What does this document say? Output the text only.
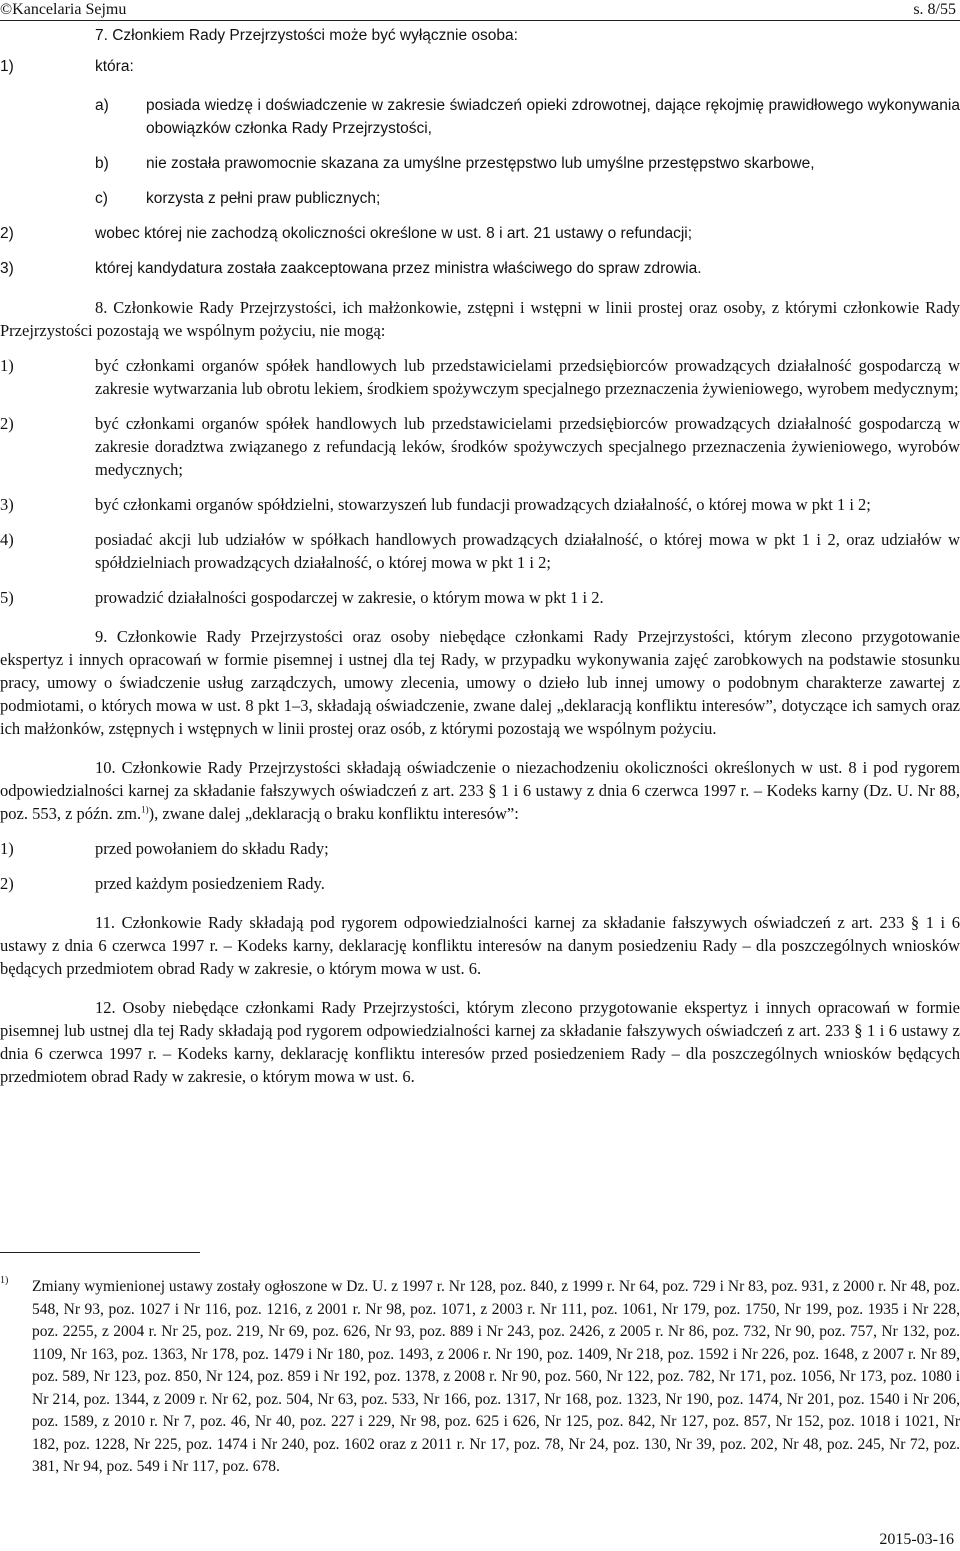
©Kancelaria Sejmu	s. 8/55

7. Członkiem Rady Przejrzystości może być wyłącznie osoba:

1)	która:
a) posiada wiedzę i doświadczenie w zakresie świadczeń opieki zdrowotnej, dające rękojmię prawidłowego wykonywania obowiązków członka Rady Przejrzystości,
b) nie została prawomocnie skazana za umyślne przestępstwo lub umyślne przestępstwo skarbowe,
c) korzysta z pełni praw publicznych;
2)	wobec której nie zachodzą okoliczności określone w ust. 8 i art. 21 ustawy o refundacji;
3)	której kandydatura została zaakceptowana przez ministra właściwego do spraw zdrowia.

8. Członkowie Rady Przejrzystości, ich małżonkowie, zstępni i wstępni w linii prostej oraz osoby, z którymi członkowie Rady Przejrzystości pozostają we wspólnym pożyciu, nie mogą:

1)	być członkami organów spółek handlowych lub przedstawicielami przedsiębiorców prowadzących działalność gospodarczą w zakresie wytwarzania lub obrotu lekiem, środkiem spożywczym specjalnego przeznaczenia żywieniowego, wyrobem medycznym;
2)	być członkami organów spółek handlowych lub przedstawicielami przedsiębiorców prowadzących działalność gospodarczą w zakresie doradztwa związanego z refundacją leków, środków spożywczych specjalnego przeznaczenia żywieniowego, wyrobów medycznych;
3)	być członkami organów spółdzielni, stowarzyszeń lub fundacji prowadzących działalność, o której mowa w pkt 1 i 2;
4)	posiadać akcji lub udziałów w spółkach handlowych prowadzących działalność, o której mowa w pkt 1 i 2, oraz udziałów w spółdzielniach prowadzących działalność, o której mowa w pkt 1 i 2;
5)	prowadzić działalności gospodarczej w zakresie, o którym mowa w pkt 1 i 2.

9. Członkowie Rady Przejrzystości oraz osoby niebędące członkami Rady Przejrzystości, którym zlecono przygotowanie ekspertyz i innych opracowań w formie pisemnej i ustnej dla tej Rady, w przypadku wykonywania zajęć zarobkowych na podstawie stosunku pracy, umowy o świadczenie usług zarządczych, umowy zlecenia, umowy o dzieło lub innej umowy o podobnym charakterze zawartej z podmiotami, o których mowa w ust. 8 pkt 1–3, składają oświadczenie, zwane dalej „deklaracją konfliktu interesów”, dotyczące ich samych oraz ich małżonków, zstępnych i wstępnych w linii prostej oraz osób, z którymi pozostają we wspólnym pożyciu.

10. Członkowie Rady Przejrzystości składają oświadczenie o niezachodzeniu okoliczności określonych w ust. 8 i pod rygorem odpowiedzialności karnej za składanie fałszywych oświadczeń z art. 233 § 1 i 6 ustawy z dnia 6 czerwca 1997 r. – Kodeks karny (Dz. U. Nr 88, poz. 553, z późn. zm.$^{1)}$), zwane dalej „deklaracją o braku konfliktu interesów”:

1)	przed powołaniem do składu Rady;
2)	przed każdym posiedzeniem Rady.

11. Członkowie Rady składają pod rygorem odpowiedzialności karnej za składanie fałszywych oświadczeń z art. 233 § 1 i 6 ustawy z dnia 6 czerwca 1997 r. – Kodeks karny, deklarację konfliktu interesów na danym posiedzeniu Rady – dla poszczególnych wniosków będących przedmiotem obrad Rady w zakresie, o którym mowa w ust. 6.

12. Osoby niebędące członkami Rady Przejrzystości, którym zlecono przygotowanie ekspertyz i innych opracowań w formie pisemnej lub ustnej dla tej Rady składają pod rygorem odpowiedzialności karnej za składanie fałszywych oświadczeń z art. 233 § 1 i 6 ustawy z dnia 6 czerwca 1997 r. – Kodeks karny, deklarację konfliktu interesów przed posiedzeniem Rady – dla poszczególnych wniosków będących przedmiotem obrad Rady w zakresie, o którym mowa w ust. 6.

1)	Zmiany wymienionej ustawy zostały ogłoszone w Dz. U. z 1997 r. Nr 128, poz. 840, z 1999 r. Nr 64, poz. 729 i Nr 83, poz. 931, z 2000 r. Nr 48, poz. 548, Nr 93, poz. 1027 i Nr 116, poz. 1216, z 2001 r. Nr 98, poz. 1071, z 2003 r. Nr 111, poz. 1061, Nr 179, poz. 1750, Nr 199, poz. 1935 i Nr 228, poz. 2255, z 2004 r. Nr 25, poz. 219, Nr 69, poz. 626, Nr 93, poz. 889 i Nr 243, poz. 2426, z 2005 r. Nr 86, poz. 732, Nr 90, poz. 757, Nr 132, poz. 1109, Nr 163, poz. 1363, Nr 178, poz. 1479 i Nr 180, poz. 1493, z 2006 r. Nr 190, poz. 1409, Nr 218, poz. 1592 i Nr 226, poz. 1648, z 2007 r. Nr 89, poz. 589, Nr 123, poz. 850, Nr 124, poz. 859 i Nr 192, poz. 1378, z 2008 r. Nr 90, poz. 560, Nr 122, poz. 782, Nr 171, poz. 1056, Nr 173, poz. 1080 i Nr 214, poz. 1344, z 2009 r. Nr 62, poz. 504, Nr 63, poz. 533, Nr 166, poz. 1317, Nr 168, poz. 1323, Nr 190, poz. 1474, Nr 201, poz. 1540 i Nr 206, poz. 1589, z 2010 r. Nr 7, poz. 46, Nr 40, poz. 227 i 229, Nr 98, poz. 625 i 626, Nr 125, poz. 842, Nr 127, poz. 857, Nr 152, poz. 1018 i 1021, Nr 182, poz. 1228, Nr 225, poz. 1474 i Nr 240, poz. 1602 oraz z 2011 r. Nr 17, poz. 78, Nr 24, poz. 130, Nr 39, poz. 202, Nr 48, poz. 245, Nr 72, poz. 381, Nr 94, poz. 549 i Nr 117, poz. 678.
2015-03-16
